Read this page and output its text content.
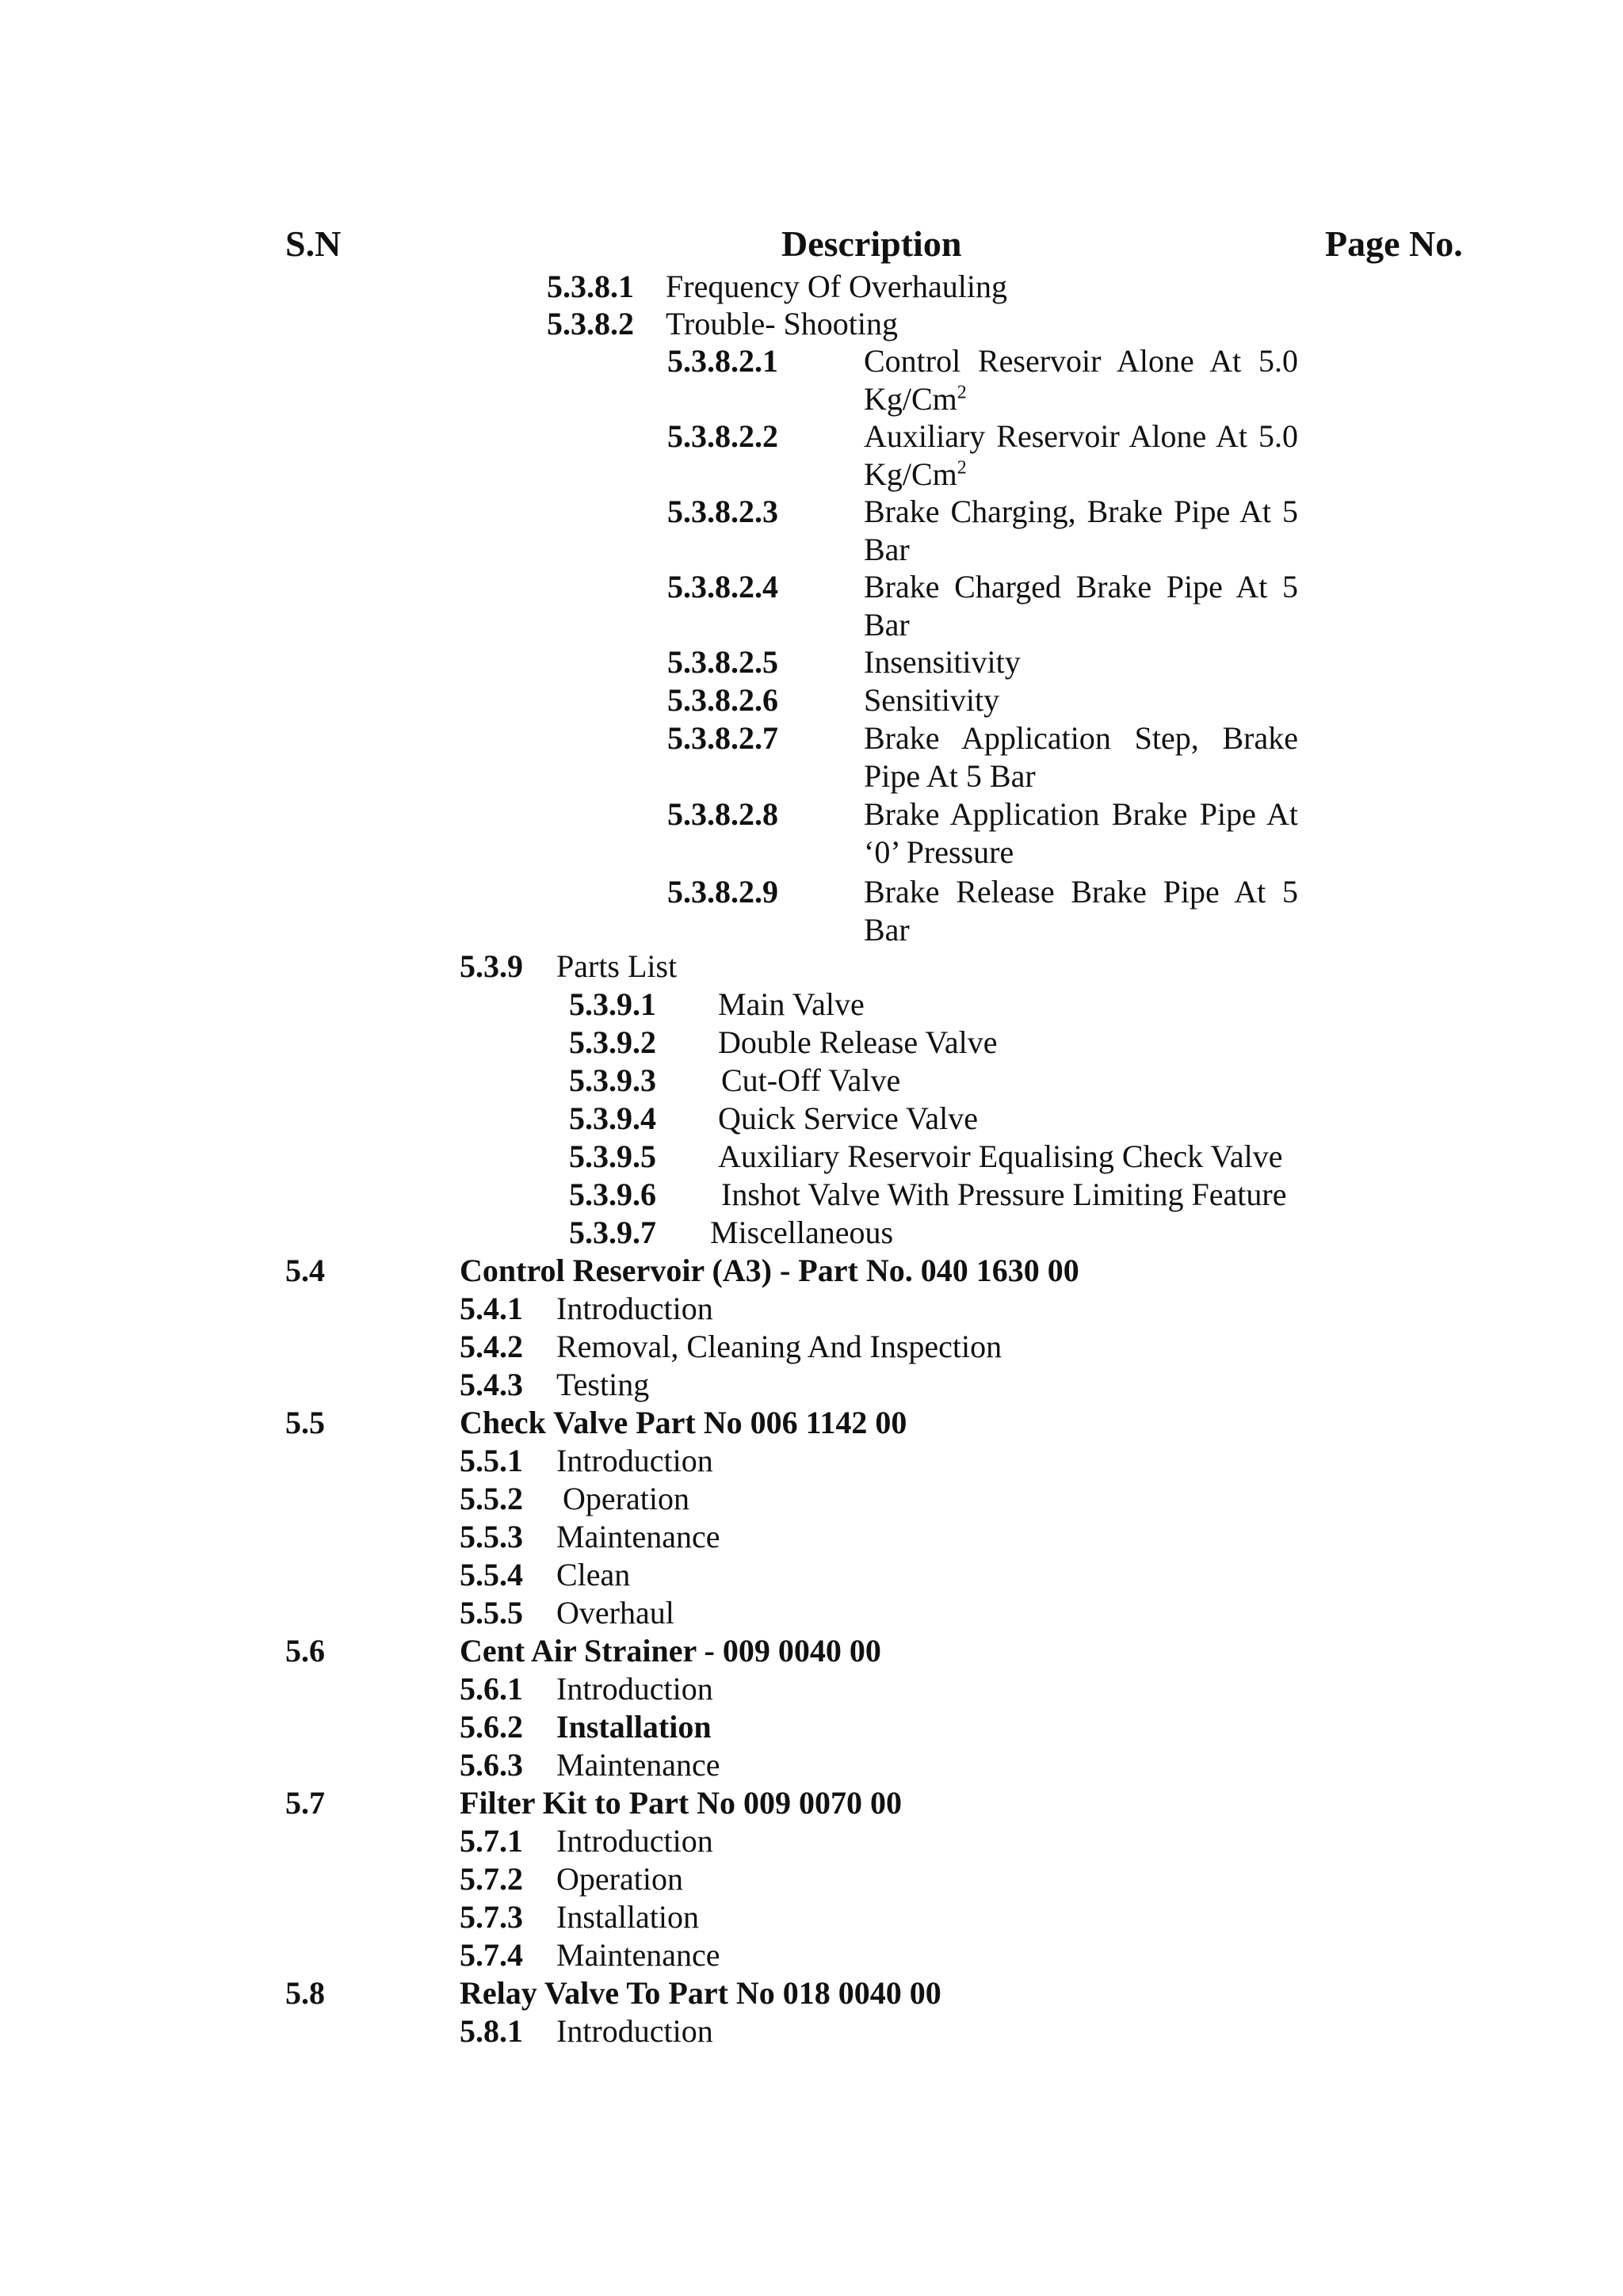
S.N	Description	Page No.
5.3.8.1 Frequency Of Overhauling
5.3.8.2 Trouble- Shooting
5.3.8.2.1	Control Reservoir Alone At 5.0 Kg/Cm$^2$
5.3.8.2.2	Auxiliary Reservoir Alone At 5.0 Kg/Cm$^2$
5.3.8.2.3	Brake Charging, Brake Pipe At 5 Bar
5.3.8.2.4	Brake Charged Brake Pipe At 5 Bar
5.3.8.2.5	Insensitivity
5.3.8.2.6	Sensitivity
5.3.8.2.7	Brake Application Step, Brake Pipe At 5 Bar
5.3.8.2.8	Brake Application Brake Pipe At ‘0’ Pressure
5.3.8.2.9	Brake Release Brake Pipe At 5 Bar
5.3.9 Parts List
5.3.9.1 Main Valve
5.3.9.2 Double Release Valve
5.3.9.3 Cut-Off Valve
5.3.9.4 Quick Service Valve
5.3.9.5 Auxiliary Reservoir Equalising Check Valve
5.3.9.6 Inshot Valve With Pressure Limiting Feature
5.3.9.7 Miscellaneous
5.4	Control Reservoir (A3) - Part No. 040 1630 00
5.4.1 Introduction
5.4.2 Removal, Cleaning And Inspection
5.4.3 Testing
5.5	Check Valve Part No 006 1142 00
5.5.1 Introduction
5.5.2 Operation
5.5.3 Maintenance
5.5.4 Clean
5.5.5 Overhaul
5.6	Cent Air Strainer - 009 0040 00
5.6.1 Introduction
5.6.2 Installation
5.6.3 Maintenance
5.7	Filter Kit to Part No 009 0070 00
5.7.1 Introduction
5.7.2 Operation
5.7.3 Installation
5.7.4 Maintenance
5.8	Relay Valve To Part No 018 0040 00
5.8.1 Introduction
